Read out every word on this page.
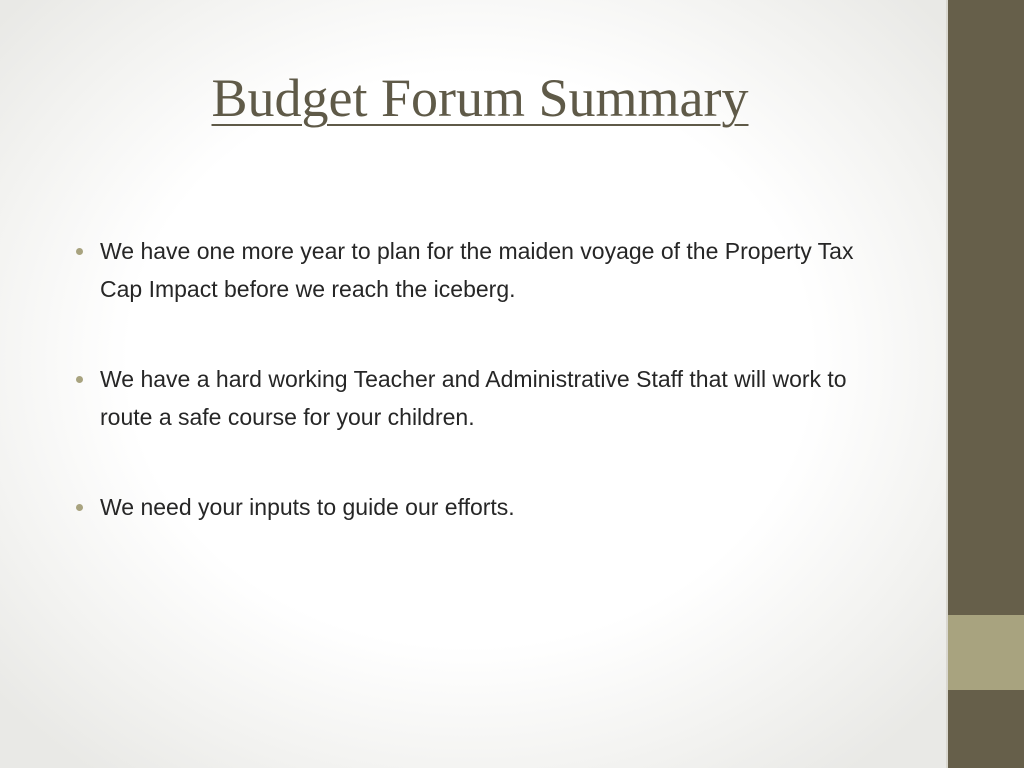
Budget Forum Summary
We have one more year to plan for the maiden voyage of the Property Tax Cap Impact before we reach the iceberg.
We have a hard working Teacher and Administrative Staff that will work to route a safe course for your children.
We need your inputs to guide our efforts.
